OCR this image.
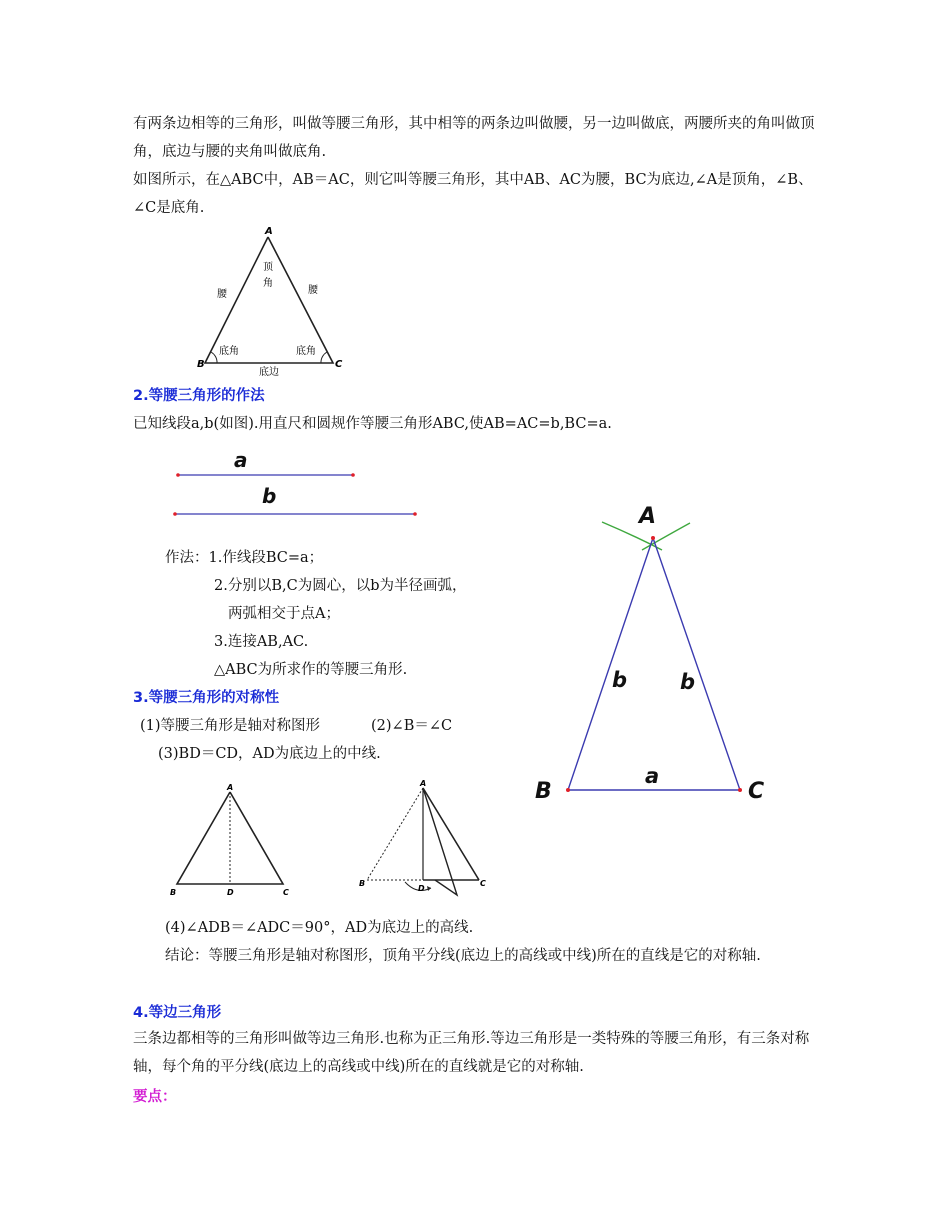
有两条边相等的三角形，叫做等腰三角形，其中相等的两条边叫做腰，另一边叫做底，两腰所夹的角叫做顶角，底边与腰的夹角叫做底角.

如图所示，在△ABC中，AB＝AC，则它叫等腰三角形，其中AB、AC为腰，BC为底边,∠A是顶角，∠B、∠C是底角.

A
B	C
顶
角
腰	腰
底角	底角
底边

2.等腰三角形的作法

已知线段a,b(如图).用直尺和圆规作等腰三角形ABC,使AB=AC=b,BC=a.

a
b

作法：1.作线段BC=a；

2.分别以B,C为圆心，以b为半径画弧，

两弧相交于点A；

3.连接AB,AC.

△ABC为所求作的等腰三角形.

A
B	C
b	b
a

3.等腰三角形的对称性

(1)等腰三角形是轴对称图形	(2)∠B＝∠C

(3)BD＝CD，AD为底边上的中线.

A
B	D	C
A
B
D
C

(4)∠ADB＝∠ADC＝90°，AD为底边上的高线.

结论：等腰三角形是轴对称图形，顶角平分线(底边上的高线或中线)所在的直线是它的对称轴.

4.等边三角形

三条边都相等的三角形叫做等边三角形.也称为正三角形.等边三角形是一类特殊的等腰三角形，有三条对称轴，每个角的平分线(底边上的高线或中线)所在的直线就是它的对称轴.

要点：
